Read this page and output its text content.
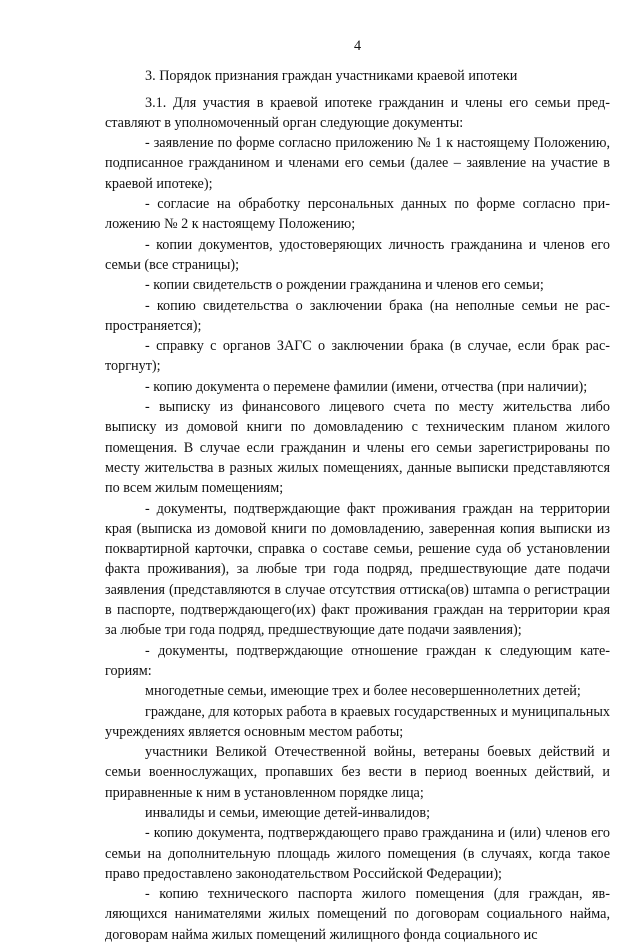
4
3. Порядок признания граждан участниками краевой ипотеки

3.1. Для участия в краевой ипотеке гражданин и члены его семьи представляют в уполномоченный орган следующие документы:

- заявление по форме согласно приложению № 1 к настоящему Положению, подписанное гражданином и членами его семьи (далее – заявление на участие в краевой ипотеке);

- согласие на обработку персональных данных по форме согласно приложению № 2 к настоящему Положению;

- копии документов, удостоверяющих личность гражданина и членов его семьи (все страницы);

- копии свидетельств о рождении гражданина и членов его семьи;

- копию свидетельства о заключении брака (на неполные семьи не распространяется);

- справку с органов ЗАГС о заключении брака (в случае, если брак расторгнут);

- копию документа о перемене фамилии (имени, отчества (при наличии);

- выписку из финансового лицевого счета по месту жительства либо выписку из домовой книги по домовладению с техническим планом жилого помещения. В случае если гражданин и члены его семьи зарегистрированы по месту жительства в разных жилых помещениях, данные выписки представляются по всем жилым помещениям;

- документы, подтверждающие факт проживания граждан на территории края (выписка из домовой книги по домовладению, заверенная копия выписки из поквартирной карточки, справка о составе семьи, решение суда об установлении факта проживания), за любые три года подряд, предшествующие дате подачи заявления (представляются в случае отсутствия оттиска(ов) штампа о регистрации в паспорте, подтверждающего(их) факт проживания граждан на территории края за любые три года подряд, предшествующие дате подачи заявления);

- документы, подтверждающие отношение граждан к следующим категориям:

многодетные семьи, имеющие трех и более несовершеннолетних детей;

граждане, для которых работа в краевых государственных и муниципальных учреждениях является основным местом работы;

участники Великой Отечественной войны, ветераны боевых действий и семьи военнослужащих, пропавших без вести в период военных действий, и приравненные к ним в установленном порядке лица;

инвалиды и семьи, имеющие детей-инвалидов;

- копию документа, подтверждающего право гражданина и (или) членов его семьи на дополнительную площадь жилого помещения (в случаях, когда такое право предоставлено законодательством Российской Федерации);

- копию технического паспорта жилого помещения (для граждан, являющихся нанимателями жилых помещений по договорам социального найма, договорам найма жилых помещений жилищного фонда социального ис
